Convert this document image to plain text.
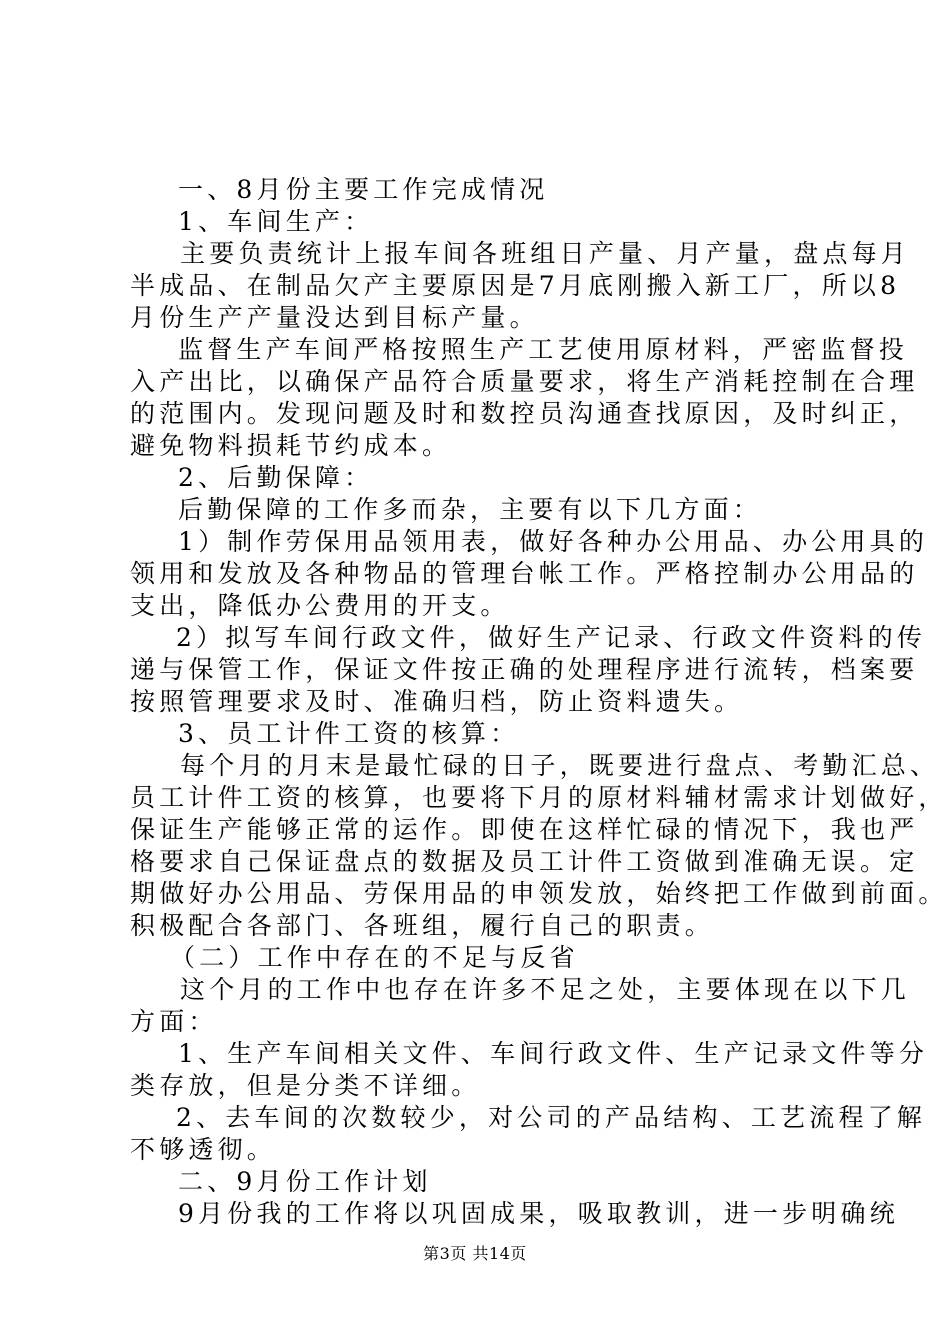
一、8月份主要工作完成情况
1、车间生产：
主要负责统计上报车间各班组日产量、月产量，盘点每月
半成品、在制品欠产主要原因是7月底刚搬入新工厂，所以8
月份生产产量没达到目标产量。
监督生产车间严格按照生产工艺使用原材料，严密监督投
入产出比，以确保产品符合质量要求，将生产消耗控制在合理
的范围内。发现问题及时和数控员沟通查找原因，及时纠正，
避免物料损耗节约成本。
2、后勤保障：
后勤保障的工作多而杂，主要有以下几方面：
1）制作劳保用品领用表，做好各种办公用品、办公用具的
领用和发放及各种物品的管理台帐工作。严格控制办公用品的
支出，降低办公费用的开支。
2）拟写车间行政文件，做好生产记录、行政文件资料的传
递与保管工作，保证文件按正确的处理程序进行流转，档案要
按照管理要求及时、准确归档，防止资料遗失。
3、员工计件工资的核算：
每个月的月末是最忙碌的日子，既要进行盘点、考勤汇总、
员工计件工资的核算，也要将下月的原材料辅材需求计划做好，
保证生产能够正常的运作。即使在这样忙碌的情况下，我也严
格要求自己保证盘点的数据及员工计件工资做到准确无误。定
期做好办公用品、劳保用品的申领发放，始终把工作做到前面。
积极配合各部门、各班组，履行自己的职责。
（二）工作中存在的不足与反省
这个月的工作中也存在许多不足之处，主要体现在以下几
方面：
1、生产车间相关文件、车间行政文件、生产记录文件等分
类存放，但是分类不详细。
2、去车间的次数较少，对公司的产品结构、工艺流程了解
不够透彻。
二、9月份工作计划
9月份我的工作将以巩固成果，吸取教训，进一步明确统
第3页 共14页
